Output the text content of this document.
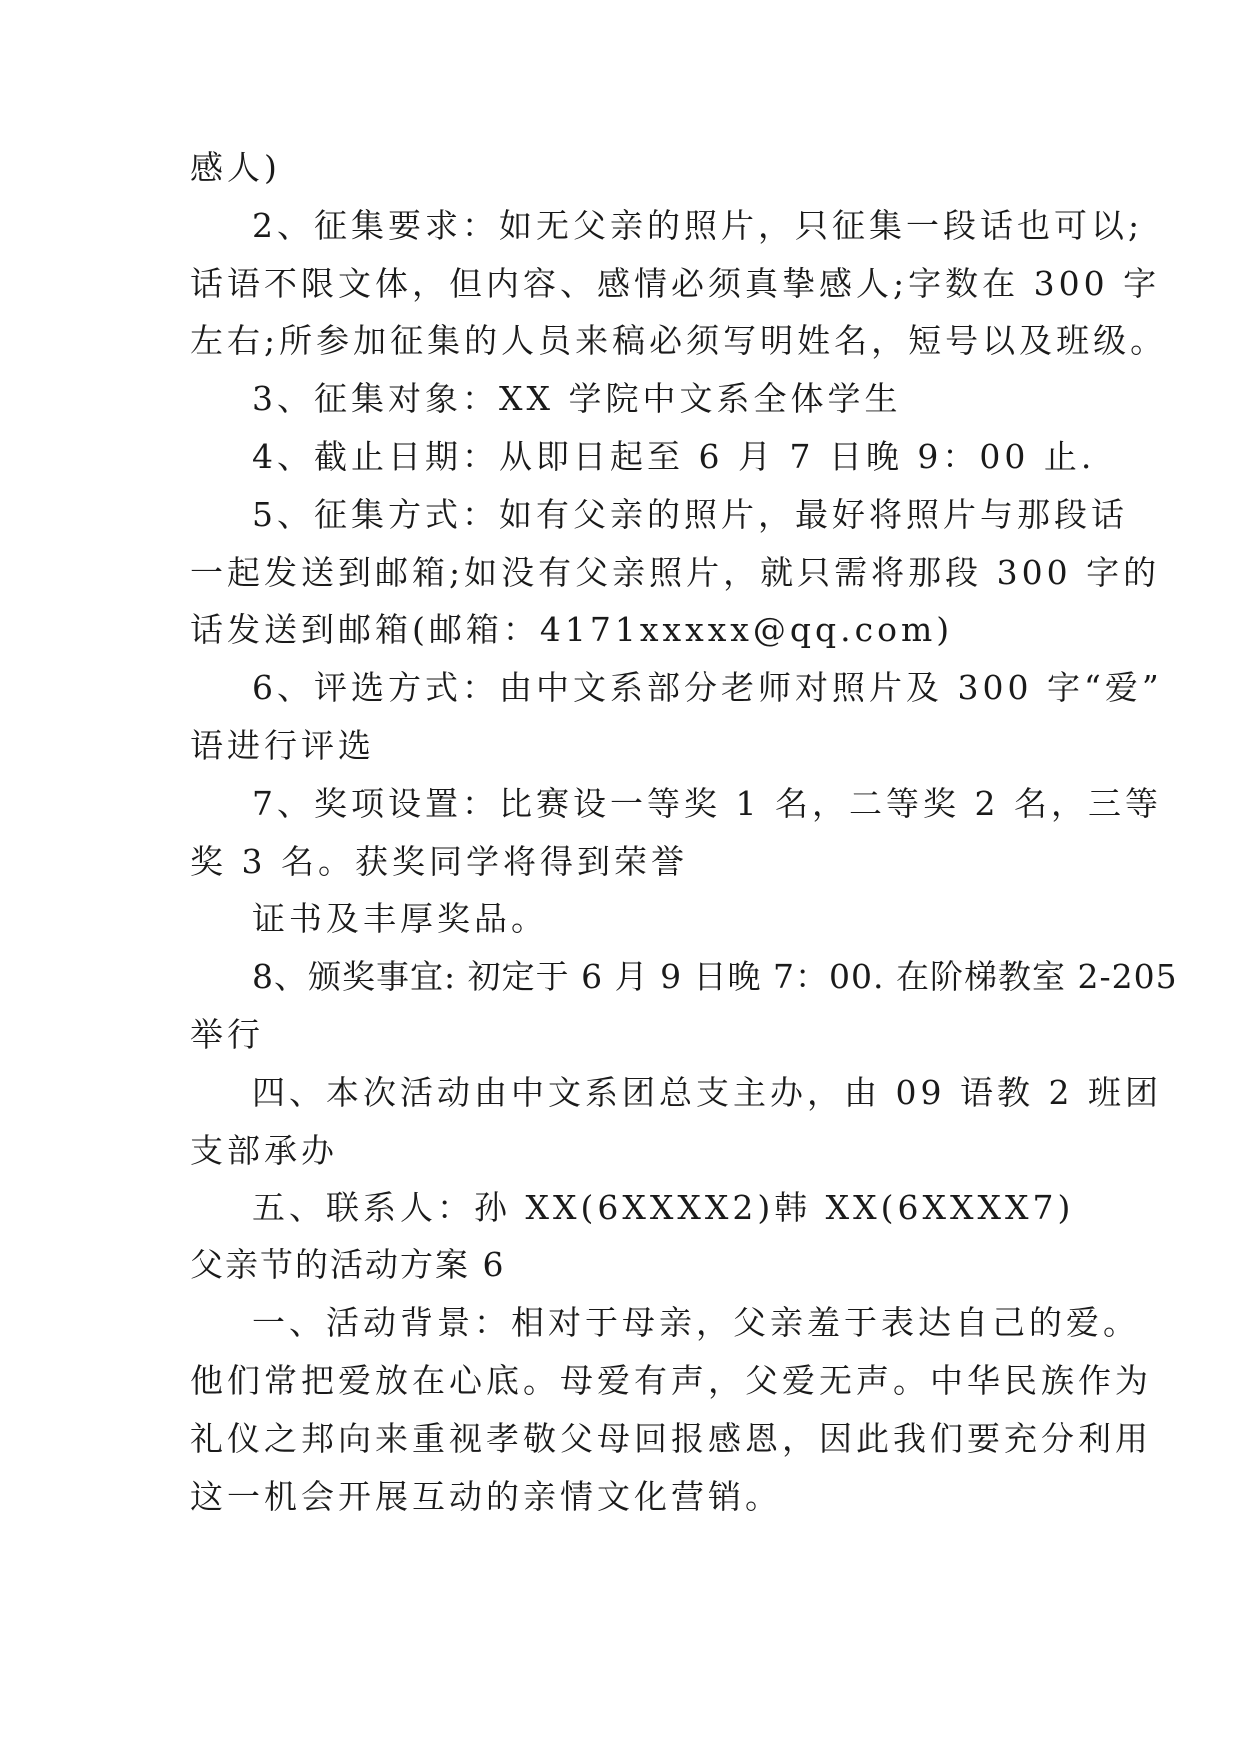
感人)
2、征集要求：如无父亲的照片，只征集一段话也可以;
话语不限文体，但内容、感情必须真挚感人;字数在 300 字
左右;所参加征集的人员来稿必须写明姓名，短号以及班级。
3、征集对象：XX 学院中文系全体学生
4、截止日期：从即日起至 6 月 7 日晚 9：00 止.
5、征集方式：如有父亲的照片，最好将照片与那段话
一起发送到邮箱;如没有父亲照片，就只需将那段 300 字的
话发送到邮箱(邮箱：4171xxxxx@qq.com)
6、评选方式：由中文系部分老师对照片及 300 字“爱”
语进行评选
7、奖项设置：比赛设一等奖 1 名，二等奖 2 名，三等
奖 3 名。获奖同学将得到荣誉
证书及丰厚奖品。
8、颁奖事宜: 初定于 6 月 9 日晚 7：00. 在阶梯教室 2-205
举行
四、本次活动由中文系团总支主办，由 09 语教 2 班团
支部承办
五、联系人：孙 XX(6XXXX2)韩 XX(6XXXX7)
父亲节的活动方案 6
一、活动背景：相对于母亲，父亲羞于表达自己的爱。
他们常把爱放在心底。母爱有声，父爱无声。中华民族作为
礼仪之邦向来重视孝敬父母回报感恩，因此我们要充分利用
这一机会开展互动的亲情文化营销。
